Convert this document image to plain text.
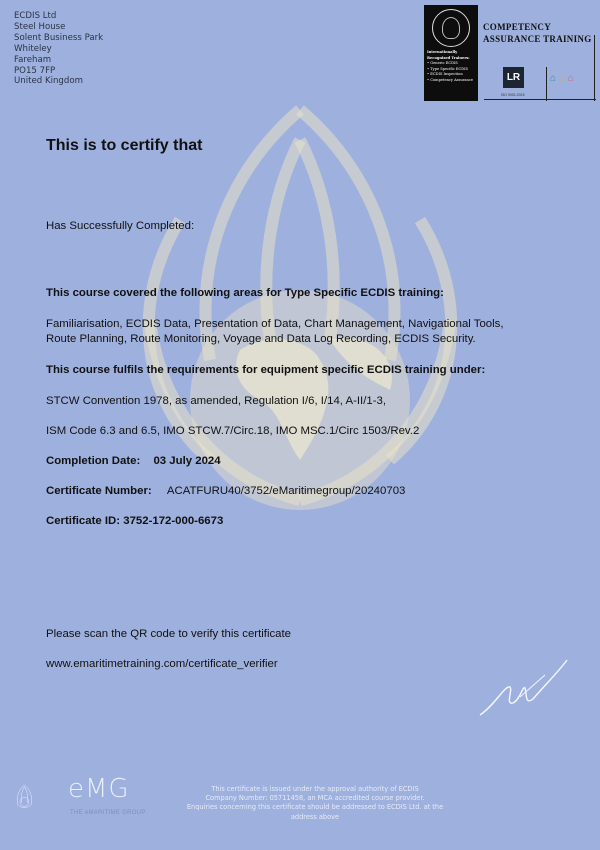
ECDIS Ltd
Steel House
Solent Business Park
Whiteley
Fareham
PO15 7FP
United Kingdom
Internationally Recognised Trainers:
• Generic ECDIS
• Type Specific ECDIS
• ECDIS Inspection
• Competency Assurance
COMPETENCY
ASSURANCE TRAINING
LR
ISO 9001:2015
⌂ ⌂ ⌂
This is to certify that
Has Successfully Completed:
This course covered the following areas for Type Specific ECDIS training:
Familiarisation, ECDIS Data, Presentation of Data, Chart Management, Navigational Tools,
Route Planning, Route Monitoring, Voyage and Data Log Recording, ECDIS Security.
This course fulfils the requirements for equipment specific ECDIS training under:
STCW Convention 1978, as amended, Regulation I/6, I/14, A-II/1-3,
ISM Code 6.3 and 6.5, IMO STCW.7/Circ.18, IMO MSC.1/Circ 1503/Rev.2
Completion Date: 03 July 2024
Certificate Number: ACATFURU40/3752/eMaritimegroup/20240703
Certificate ID: 3752-172-000-6673
Please scan the QR code to verify this certificate
www.emaritimetraining.com/certificate_verifier
eMG
THE eMARITIME GROUP
This certificate is issued under the approval authority of ECDIS
Company Number: 05711458, an MCA accredited course provider.
Enquiries concerning this certificate should be addressed to ECDIS Ltd. at the
address above
